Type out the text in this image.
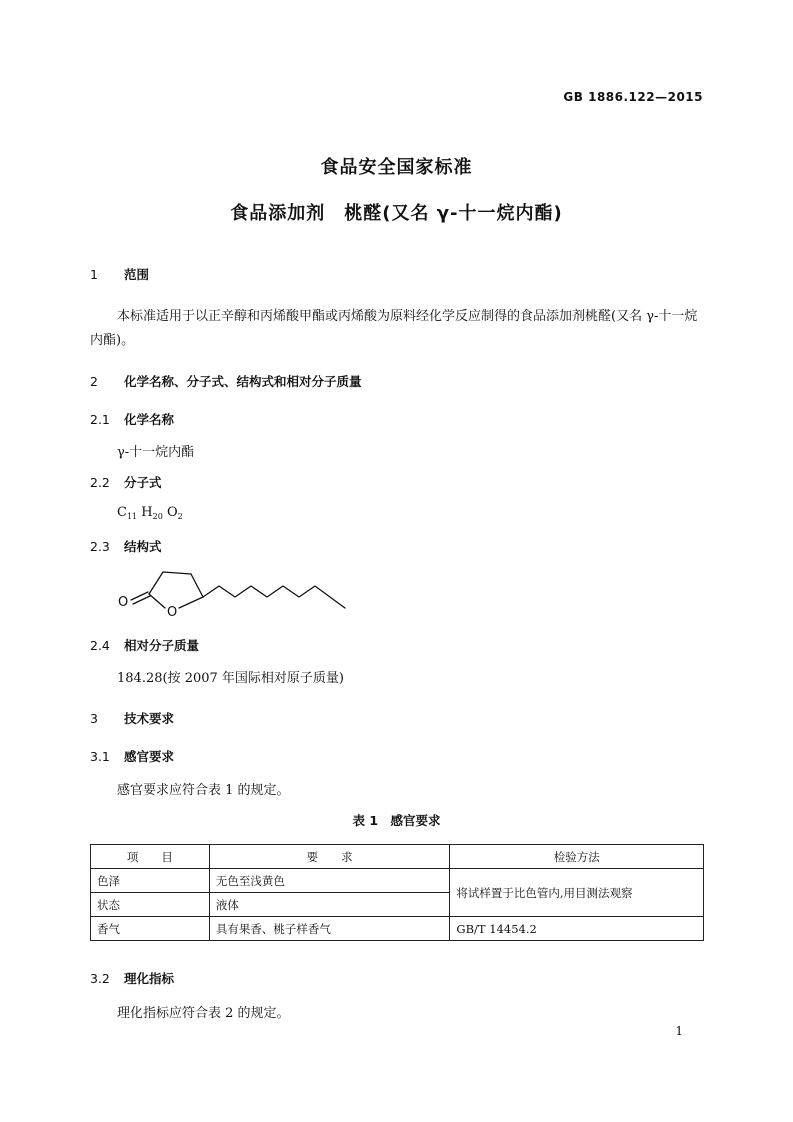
GB 1886.122—2015
食品安全国家标准
食品添加剂　桃醛(又名 γ-十一烷内酯)
1 范围
本标准适用于以正辛醇和丙烯酸甲酯或丙烯酸为原料经化学反应制得的食品添加剂桃醛(又名 γ-十一烷内酯)。
2 化学名称、分子式、结构式和相对分子质量
2.1 化学名称
γ-十一烷内酯
2.2 分子式
$C_{11}$ $H_{20}$ $O_2$
2.3 结构式
O
O
2.4 相对分子质量
184.28(按 2007 年国际相对原子质量)
3 技术要求
3.1 感官要求
感官要求应符合表 1 的规定。
表 1　感官要求
项　　目	要　　求	检验方法
色泽	无色至浅黄色	将试样置于比色管内,用目测法观察
状态	液体	
香气	具有果香、桃子样香气	GB/T 14454.2
3.2 理化指标
理化指标应符合表 2 的规定。
1
